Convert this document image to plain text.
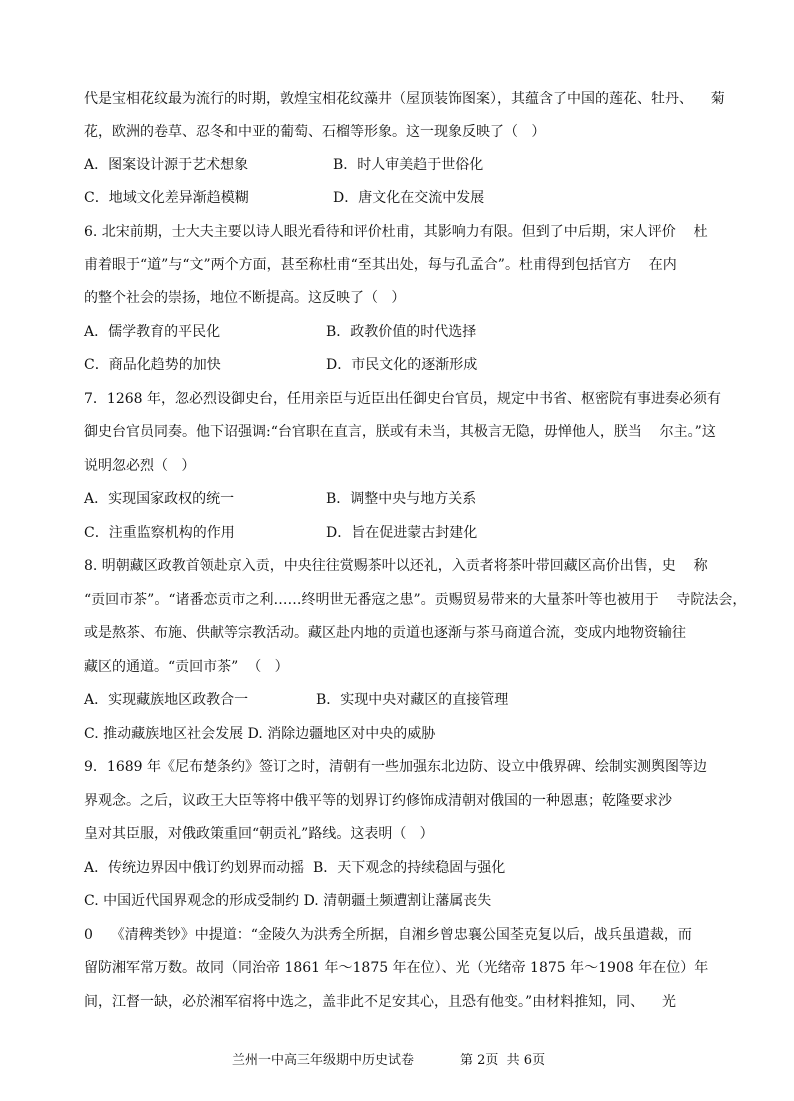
代是宝相花纹最为流行的时期，敦煌宝相花纹藻井（屋顶装饰图案），其蕴含了中国的莲花、牡丹、    菊
花，欧洲的卷草、忍冬和中亚的葡萄、石榴等形象。这一现象反映了（   ）
A．图案设计源于艺术想象	B．时人审美趋于世俗化
C．地域文化差异渐趋模糊	D．唐文化在交流中发展
6. 北宋前期，士大夫主要以诗人眼光看待和评价杜甫，其影响力有限。但到了中后期，宋人评价    杜
甫着眼于“道”与“文”两个方面，甚至称杜甫“至其出处，每与孔孟合”。杜甫得到包括官方    在内
的整个社会的崇扬，地位不断提高。这反映了（   ）
A．儒学教育的平民化	B．政教价值的时代选择
C．商品化趋势的加快	D．市民文化的逐渐形成
7．1268 年，忽必烈设御史台，任用亲臣与近臣出任御史台官员，规定中书省、枢密院有事进奏必须有
御史台官员同奏。他下诏强调:“台官职在直言，朕或有未当，其极言无隐，毋惮他人，朕当    尔主。”这
说明忽必烈（   ）
A．实现国家政权的统一	B．调整中央与地方关系
C．注重监察机构的作用	D．旨在促进蒙古封建化
8. 明朝藏区政教首领赴京入贡，中央往往赏赐茶叶以还礼，入贡者将茶叶带回藏区高价出售，史    称
“贡回市茶”。“诸番恋贡市之利……终明世无番寇之患”。贡赐贸易带来的大量茶叶等也被用于    寺院法会，
或是熬茶、布施、供献等宗教活动。藏区赴内地的贡道也逐渐与茶马商道合流，变成内地物资输往
藏区的通道。“贡回市茶”  （   ）
A．实现藏族地区政教合一	B．实现中央对藏区的直接管理
C. 推动藏族地区社会发展 D. 消除边疆地区对中央的威胁
9．1689 年《尼布楚条约》签订之时，清朝有一些加强东北边防、设立中俄界碑、绘制实测舆图等边
界观念。之后，议政王大臣等将中俄平等的划界订约修饰成清朝对俄国的一种恩惠；乾隆要求沙
皇对其臣服，对俄政策重回“朝贡礼”路线。这表明（   ）
A．传统边界因中俄订约划界而动摇  B．天下观念的持续稳固与强化
C. 中国近代国界观念的形成受制约 D. 清朝疆土频遭割让藩属丧失
0    《清稗类钞》中提道：“金陵久为洪秀全所据，自湘乡曾忠襄公国荃克复以后，战兵虽遣裁，而
留防湘军常万数。故同（同治帝 1861 年～1875 年在位）、光（光绪帝 1875 年～1908 年在位）年
间，江督一缺，必於湘军宿将中选之，盖非此不足安其心，且恐有他变。”由材料推知，同、    光
兰州一中高三年级期中历史试卷	第 2页  共 6页
